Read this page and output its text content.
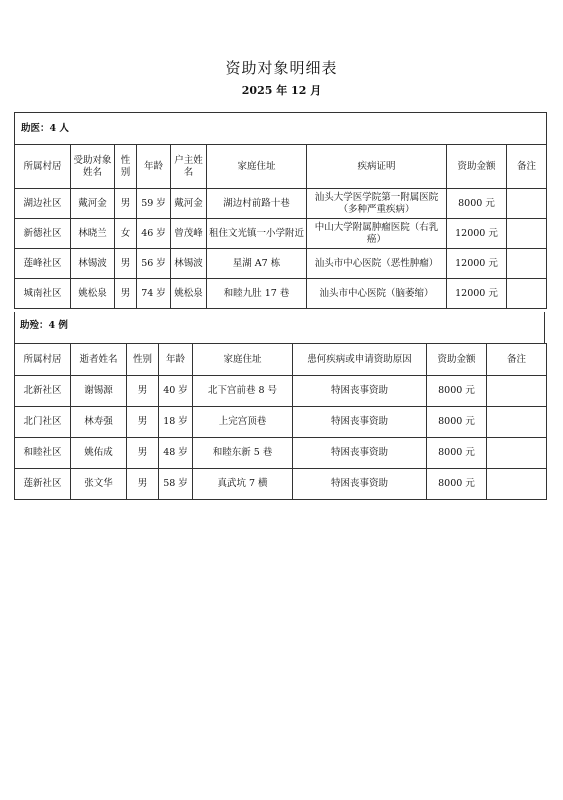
资助对象明细表
2025 年 12 月
助医：4 人								
所属村居	受助对象姓名	性别	年龄	户主姓名	家庭住址	疾病证明	资助金额	备注
湖边社区	戴河金	男	59 岁	戴河金	湖边村前路十巷	汕头大学医学院第一附属医院（多种严重疾病）	8000 元	
新德社区	林晓兰	女	46 岁	曾茂峰	租住文光镇一小学附近	中山大学附属肿瘤医院（右乳癌）	12000 元	
莲峰社区	林锡波	男	56 岁	林锡波	星湖 A7 栋	汕头市中心医院（恶性肿瘤）	12000 元	
城南社区	姚松泉	男	74 岁	姚松泉	和睦九肚 17 巷	汕头市中心医院（脑萎缩）	12000 元	

所属村居	逝者姓名	性别	年龄	家庭住址	患何疾病或申请资助原因	资助金额	备注
北新社区	谢锡源	男	40 岁	北下宫前巷 8 号	特困丧事资助	8000 元	
北门社区	林寿强	男	18 岁	上完宫顶巷	特困丧事资助	8000 元	
和睦社区	姚佑成	男	48 岁	和睦东新 5 巷	特困丧事资助	8000 元	
莲新社区	张文华	男	58 岁	真武坑 7 横	特困丧事资助	8000 元	
助殓：4 例
